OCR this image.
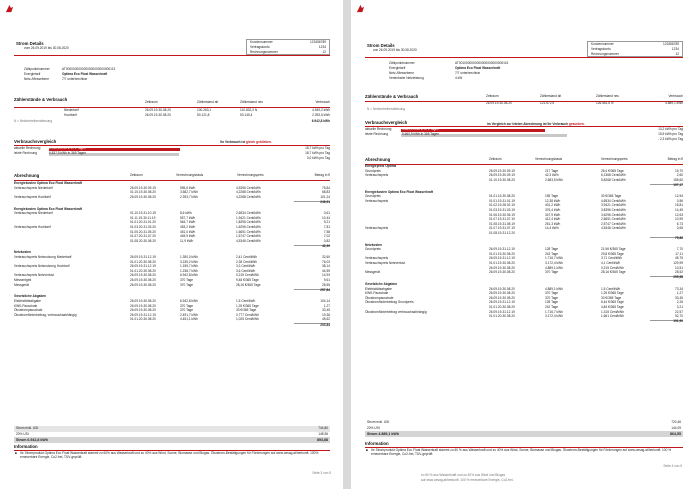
Strom Details
vom 26.09.2019 bis 30.08.2020
Kundennummer	123456789
Vertragskonto	1234
Rechnungsnummer	12
Zählpunktnummer	AT0000000000000000000000000113
Energietarif	Optima Eco Float Wasserkraft
Netz-/Messebene	7/7 unterbrechbar
Zählerstände & Verbrauch	Zeitraum	Zählerstand alt	Zählerstand neu	Verbrauch
Niedertarif	26.09.19-30.08.20	100.263,1	110.832,3 N	4.549,2 kWh
Hochtarif	26.09.19-30.08.20	50.121,8	53.145,4	2.393,6 kWh
6.942,8 kWh
N = Netzbetreiberablesung
Verbrauchsvergleich	Ihr Verbrauch ist gleich geblieben.
aktuelle Rechnung	6.942,8 kWh in 271 Tagen	18,7 kWh pro Tag
letzte Rechnung	6.837,5 kWh in 369 Tagen	18,7 kWh pro Tag
0,0 kWh pro Tag
Abrechnung	Zeitraum	Verrechnungsbasis	Verrechnungspreis	Betrag in €
Energiekosten Optima Eco Float Wasserkraft
Verbrauchspreis Niedertarif	26.09.19-30.09.19	595,6 kWh	4,5356 Cent/kWh	75,84
01.10.19-30.08.20	3.582,7 kWh	4,2288 Cent/kWh	68,83
Verbrauchspreis Hochtarif	26.09.19-30.08.20	2.393,7 kWh	4,2288 Cent/kWh	101,24
248,91
Energiekosten Optima Eco Float Wasserkraft
Verbrauchspreis Niedertarif	01.10.19-31.10.19	8,6 kWh	2,6534 Cent/kWh	0,61
01.11.19-30.11.19	557,7 kWh	1,9421 Cent/kWh	10,44
01.01.20-31.01.20	564,7 kWh	1,8396 Cent/kWh	9,21
Verbrauchspreis Hochtarif	01.03.20-31.03.20	453,2 kWh	1,6296 Cent/kWh	7,81
01.05.20-31.05.20	451,0 kWh	1,6651 Cent/kWh	7,58
01.07.20-31.07.20	445,9 kWh	1,5747 Cent/kWh	7,02
01.08.20-30.08.20	11,9 kWh	4,5346 Cent/kWh	0,82
42,39
Netzkosten
Verbrauchspreis Netznutzung Niedertarif	26.09.19-31.12.19	1.350,0 kWh	2,41 Cent/kWh	32,60
01.01.20-30.08.20	3.235,2 kWh	2,35 Cent/kWh	76,03
Verbrauchspreis Netznutzung Hochtarif	26.09.19-31.12.19	1.155,7 kWh	3,3 Cent/kWh	38,14
01.01.20-30.08.20	1.238,7 kWh	3,6 Cent/kWh	44,59
Verbrauchspreis Netzverlust	26.09.19-30.08.20	6.942,8 kWh	0,215 Cent/kWh	14,93
Messentgelt	26.09.19-30.08.20	370 Tage	9,48 €/365 Tage	9,61
Messgerät	26.09.19-30.08.20	370 Tage	28,16 €/365 Tage	28,55
257,84
Gesetzliche Abgaben
Elektrizitätsabgabe	26.09.19-30.08.20	6.942,8 kWh	1,5 Cent/kWh	104,14
KWK-Pauschale	26.09.19-30.08.20	370 Tage	1,25 €/365 Tage	1,27
Ökostrompauschale	26.09.19-30.08.20	370 Tage	33 €/365 Tage	33,45
Ökostromförderbeitrag, verbrauchsabhängig	26.09.19-31.12.19	2.491,7 kWh	0,777 Cent/kWh	19,36
01.01.20-30.08.20	4.451,1 kWh	1,025 Cent/kWh	45,62
203,84
Strom exkl. USt	744,80
20% USt	148,96
Strom 6.942,8 kWh	893,88
Information
■ Ihr Stromprodukt Optima Eco Float Wasserkraft stammt zu 60% aus Wasserkraft und zu 40% aus Wind, Sonne, Biomasse und Biogas. Ökostrom-Bestätigungen für Förderungen auf www.oesag.at/herkunft. 100% erneuerbare Energie, Co2-frei, TÜV-geprüft.
Seite 3 von 5
Strom Details
von 26.09.2019 bis 30.08.2020
Kundennummer	123456789
Vertragskonto	1234
Rechnungsnummer	12
Zählpunktnummer	AT0010000000000000000000000115
Energietarif	Optima Eco Float Wasserkraft
Netz-/Messebene	7/7 unterbrechbar
Vereinbarte Netzleistung	4 kW
Zählerstände & Verbrauch	Zeitraum	Zählerstand alt	Zählerstand neu	Verbrauch
26.09.19-30.08.20	121.672,5	126.561,6 N	4.889,1 kWh
N = Netzbetreiberablesung
Verbrauchsvergleich
aktuelle Rechnung	4.889,1 kWh in 371 Tagen	13,2 kWh pro Tag
letzte Rechnung	5.660,9 kWh in 365 Tagen	15,5 kWh pro Tag
- 2,3 kWh pro Tag
Im Vergleich zur letzten Abrechnung ist Ihr Verbrauch gesunken.
Abrechnung	Zeitraum	Verrechnungsbasis	Verrechnungspreis	Betrag in €
Energiepreis Optima
Grundpreis	26.09.19-30.09.19	217 Tage	26,4 €/365 Tage	15,70
Verbrauchspreis	26.09.19-30.09.19	42,3 kWh	6,1368 Cent/kWh	2,60
01.10.19-30.08.20	2.683,5 kWh	5,8268 Cent/kWh	155,60
197,17
Energiekosten Optima Eco Float Wasserkraft
Grundpreis	01.01.19-30.08.20	155 Tage	30 €/365 Tage	12,54
Verbrauchspreis	01.01.19-31.01.19	12,38 kWh	4,6534 Cent/kWh	0,56
01.02.19-28.02.19	401,2 kWh	3,9421 Cent/kWh	15,81
01.03.19-31.03.19	376,4 kWh	3,8396 Cent/kWh	14,45
01.06.19-30.06.19	347,9 kWh	3,6296 Cent/kWh	12,63
01.07.19-31.07.19	412,4 kWh	2,6651 Cent/kWh	10,99
01.08.19-31.08.19	261,3 kWh	2,5747 Cent/kWh	6,73
Verbrauchspreis	01.07.19-31.07.19	14,4 kWh	4,5346 Cent/kWh	0,65
01.08.19-31.12.20
75,86
Netzkosten
Grundpreis	26.09.19-31.12.19	128 Tage	21,96 €/365 Tage	7,70
01.01.19-30.08.20	242 Tage	29,8 €/365 Tage	17,11
Verbrauchspreis	26.09.19-31.12.19	1.716,7 kWh	3,71 Cent/kWh	45,75
Verbrauchspreis Netzverlust	01.01.19-30.08.20	3.172,4 kWh	4,1 Cent/kWh	129,99
26.09.19-30.08.20	4.889,1 kWh	0,215 Cent/kWh	10,51
Messgerät	26.09.19-30.08.20	370 Tage	28,16 €/365 Tage	28,52
255,58
Gesetzliche Abgaben
Elektrizitätsabgabe	26.09.19-30.08.20	4.889,1 kWh	1,5 Cent/kWh	73,34
KWK-Pauschale	26.09.19-30.08.20	370 Tage	1,25 €/365 Tage	1,27
Ökostrompauschale	26.09.19-30.08.20	370 Tage	33 €/365 Tage	33,45
Ökostromförderbeitrag Grundpreis	26.09.19-31.12.19	128 Tage	6,44 €/365 Tage	2,26
01.01.20-30.08.20	242 Tage	4,84 €/365 Tage	3,21
Ökostromförderbeitrag verbrauchsabhängig	26.09.19-31.12.19	1.716,7 kWh	1,315 Cent/kWh	22,57
01.01.20-30.08.20	3.172,4 kWh	1,661 Cent/kWh	52,70
191,90
Strom exkl. USt	720,46
20% USt	144,09
Strom 4.889,1 kWh	864,55
Information
■ Ihr Stromprodukt Optima Eco Float Wasserkraft stammt zu 60 % aus Wasserkraft und zu 40% aus Wind, Sonne, Biomasse und Biogas. Ökostrom-Bestätigungen für Förderungen auf www.oesag.at/herkunft. 100 % erneuerbare Energie, Co2-frei, TÜV-geprüft.
Seite 4 von 5
zu 60 % aus Wasserkraft und zu 40% aus Wind und Biogas
auf www.oesag.at/herkunft. 100 % erneuerbare Energie, Co2-frei.
